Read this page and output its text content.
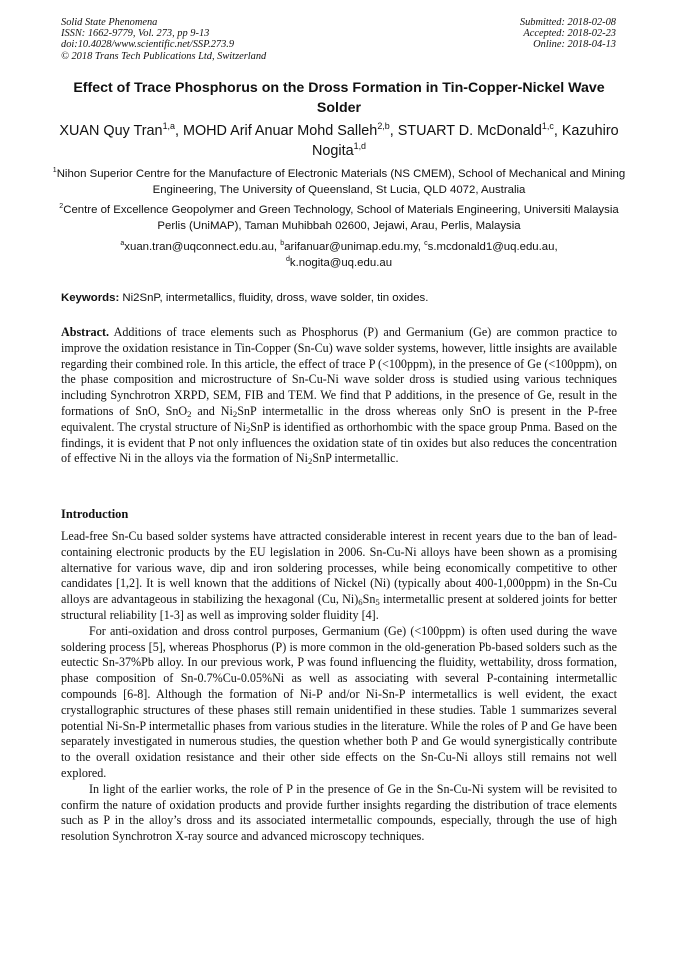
Solid State Phenomena
ISSN: 1662-9779, Vol. 273, pp 9-13
doi:10.4028/www.scientific.net/SSP.273.9
© 2018 Trans Tech Publications Ltd, Switzerland
Submitted: 2018-02-08
Accepted: 2018-02-23
Online: 2018-04-13
Effect of Trace Phosphorus on the Dross Formation in Tin-Copper-Nickel Wave Solder
XUAN Quy Tran$^{1,a}$, MOHD Arif Anuar Mohd Salleh$^{2,b}$, STUART D. McDonald$^{1,c}$, Kazuhiro Nogita$^{1,d}$
$^1$Nihon Superior Centre for the Manufacture of Electronic Materials (NS CMEM), School of Mechanical and Mining Engineering, The University of Queensland, St Lucia, QLD 4072, Australia
$^2$Centre of Excellence Geopolymer and Green Technology, School of Materials Engineering, Universiti Malaysia Perlis (UniMAP), Taman Muhibbah 02600, Jejawi, Arau, Perlis, Malaysia
$^a$xuan.tran@uqconnect.edu.au, $^b$arifanuar@unimap.edu.my, $^c$s.mcdonald1@uq.edu.au,
$^d$k.nogita@uq.edu.au
Keywords: Ni2SnP, intermetallics, fluidity, dross, wave solder, tin oxides.
Abstract. Additions of trace elements such as Phosphorus (P) and Germanium (Ge) are common practice to improve the oxidation resistance in Tin-Copper (Sn-Cu) wave solder systems, however, little insights are available regarding their combined role. In this article, the effect of trace P (<100ppm), in the presence of Ge (<100ppm), on the phase composition and microstructure of Sn-Cu-Ni wave solder dross is studied using various techniques including Synchrotron XRPD, SEM, FIB and TEM. We find that P additions, in the presence of Ge, result in the formations of SnO, SnO$_2$ and $Ni_2SnP$ intermetallic in the dross whereas only SnO is present in the P-free equivalent. The crystal structure of $Ni_2SnP$ is identified as orthorhombic with the space group Pnma. Based on the findings, it is evident that P not only influences the oxidation state of tin oxides but also reduces the concentration of effective Ni in the alloys via the formation of $Ni_2SnP$ intermetallic.
Introduction

Lead-free Sn-Cu based solder systems have attracted considerable interest in recent years due to the ban of lead-containing electronic products by the EU legislation in 2006. Sn-Cu-Ni alloys have been shown as a promising alternative for various wave, dip and iron soldering processes, while being economically competitive to other candidates [1,2]. It is well known that the additions of Nickel (Ni) (typically about 400-1,000ppm) in the Sn-Cu alloys are advantageous in stabilizing the hexagonal (Cu, $Ni)_6Sn_5$ intermetallic present at soldered joints for better structural reliability [1-3] as well as improving solder fluidity [4].

For anti-oxidation and dross control purposes, Germanium (Ge) (<100ppm) is often used during the wave soldering process [5], whereas Phosphorus (P) is more common in the old-generation Pb-based solders such as the eutectic Sn-37%Pb alloy. In our previous work, P was found influencing the fluidity, wettability, dross formation, phase composition of Sn-0.7%Cu-0.05%Ni as well as associating with several P-containing intermetallic compounds [6-8]. Although the formation of Ni-P and/or Ni-Sn-P intermetallics is well evident, the exact crystallographic structures of these phases still remain unidentified in these studies. Table 1 summarizes several potential Ni-Sn-P intermetallic phases from various studies in the literature. While the roles of P and Ge have been separately investigated in numerous studies, the question whether both P and Ge would synergistically contribute to the overall oxidation resistance and their other side effects on the Sn-Cu-Ni alloys still remains not well explored.

In light of the earlier works, the role of P in the presence of Ge in the Sn-Cu-Ni system will be revisited to confirm the nature of oxidation products and provide further insights regarding the distribution of trace elements such as P in the alloy’s dross and its associated intermetallic compounds, especially, through the use of high resolution Synchrotron X-ray source and advanced microscopy techniques.
